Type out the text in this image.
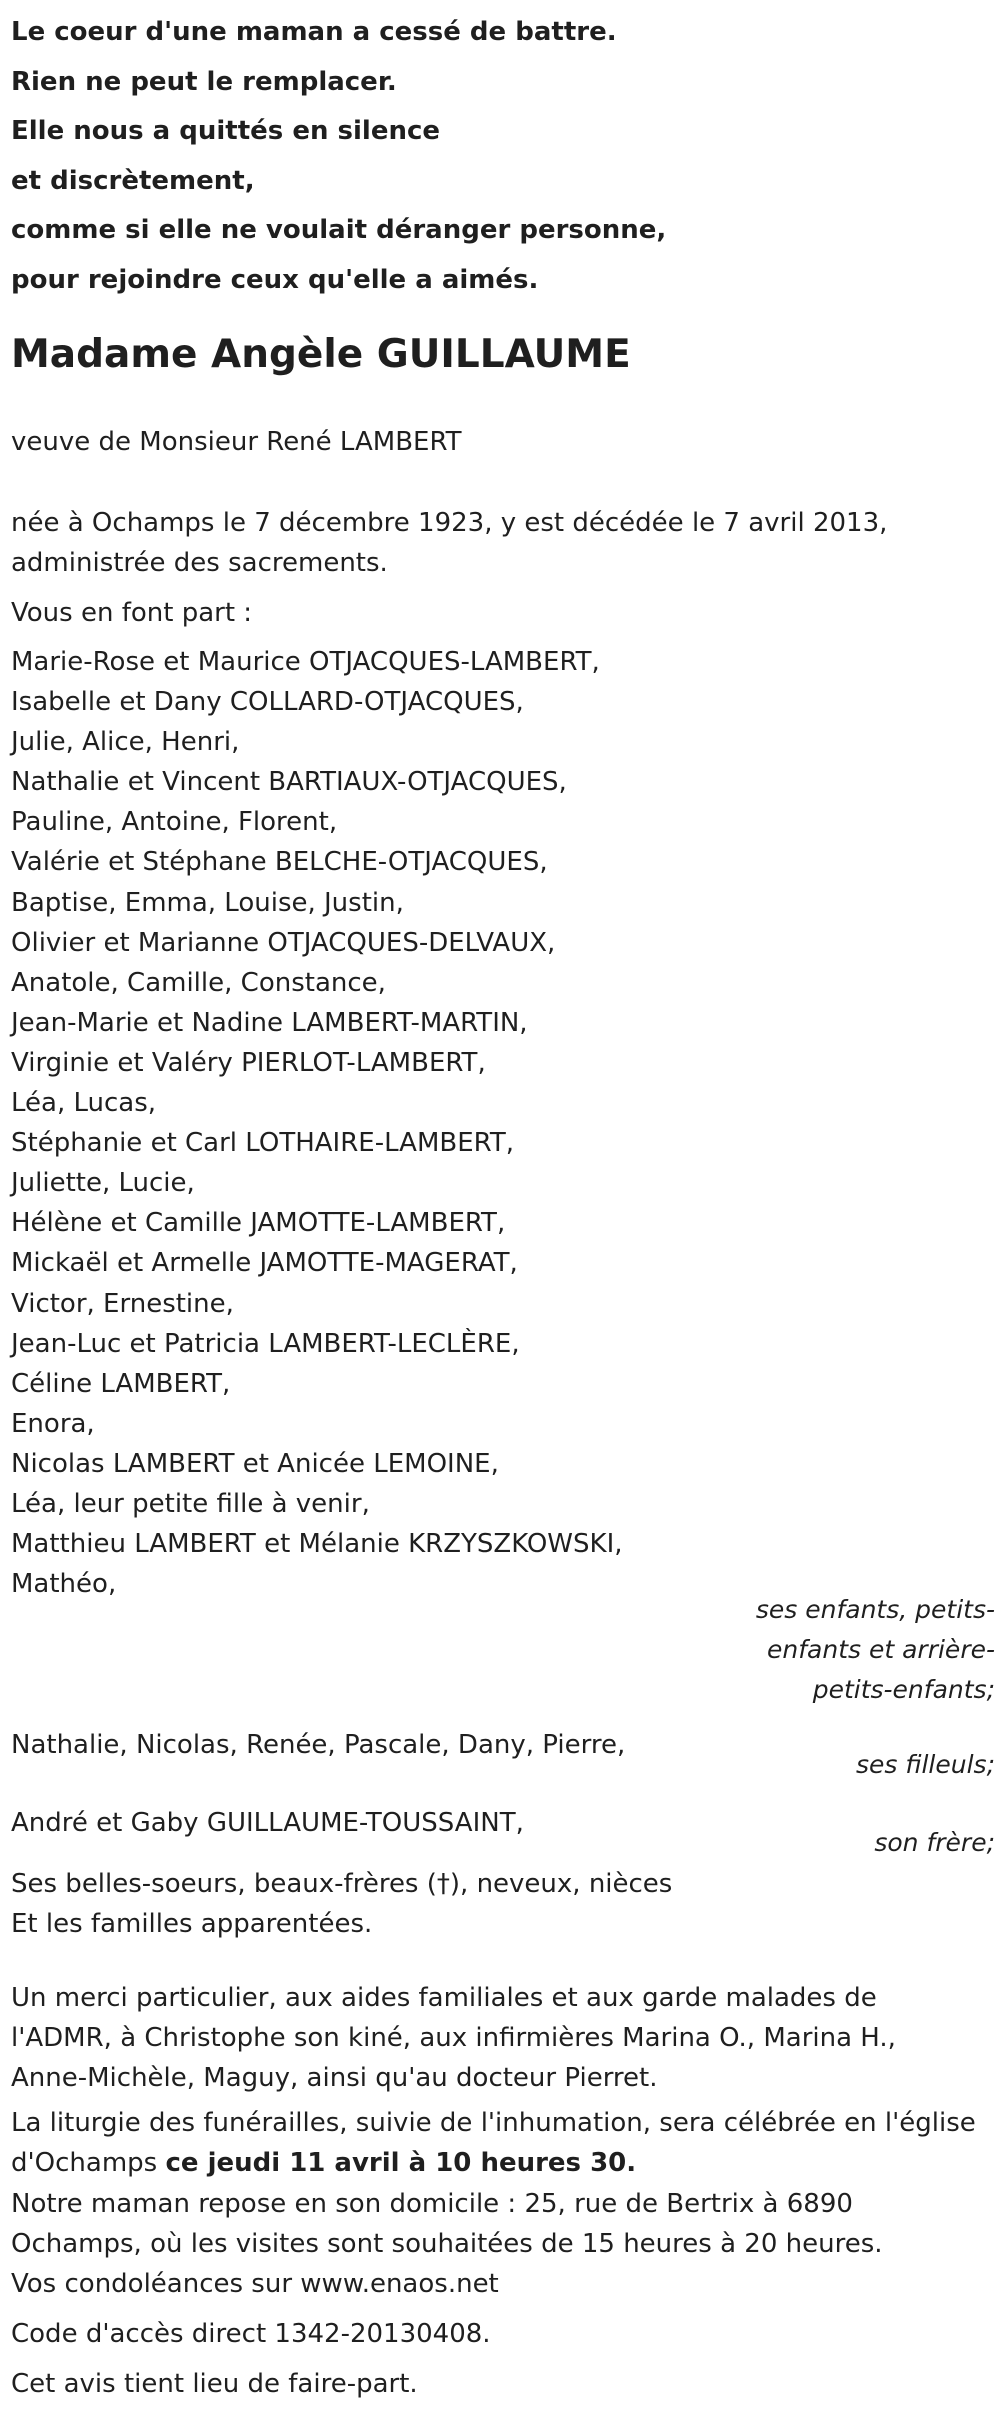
Le coeur d'une maman a cessé de battre.
Rien ne peut le remplacer.
Elle nous a quittés en silence
et discrètement,
comme si elle ne voulait déranger personne,
pour rejoindre ceux qu'elle a aimés.
Madame Angèle GUILLAUME
veuve de Monsieur René LAMBERT
née à Ochamps le 7 décembre 1923, y est décédée le 7 avril 2013,
administrée des sacrements.
Vous en font part :
Marie-Rose et Maurice OTJACQUES-LAMBERT,
Isabelle et Dany COLLARD-OTJACQUES,
Julie, Alice, Henri,
Nathalie et Vincent BARTIAUX-OTJACQUES,
Pauline, Antoine, Florent,
Valérie et Stéphane BELCHE-OTJACQUES,
Baptise, Emma, Louise, Justin,
Olivier et Marianne OTJACQUES-DELVAUX,
Anatole, Camille, Constance,
Jean-Marie et Nadine LAMBERT-MARTIN,
Virginie et Valéry PIERLOT-LAMBERT,
Léa, Lucas,
Stéphanie et Carl LOTHAIRE-LAMBERT,
Juliette, Lucie,
Hélène et Camille JAMOTTE-LAMBERT,
Mickaël et Armelle JAMOTTE-MAGERAT,
Victor, Ernestine,
Jean-Luc et Patricia LAMBERT-LECLÈRE,
Céline LAMBERT,
Enora,
Nicolas LAMBERT et Anicée LEMOINE,
Léa, leur petite fille à venir,
Matthieu LAMBERT et Mélanie KRZYSZKOWSKI,
Mathéo,
ses enfants, petits-enfants et arrière-petits-enfants;
Nathalie, Nicolas, Renée, Pascale, Dany, Pierre,
ses filleuls;
André et Gaby GUILLAUME-TOUSSAINT,
son frère;
Ses belles-soeurs, beaux-frères (†), neveux, nièces
Et les familles apparentées.
Un merci particulier, aux aides familiales et aux garde malades de
l'ADMR, à Christophe son kiné, aux infirmières Marina O., Marina H.,
Anne-Michèle, Maguy, ainsi qu'au docteur Pierret.
La liturgie des funérailles, suivie de l'inhumation, sera célébrée en l'église
d'Ochamps ce jeudi 11 avril à 10 heures 30.
Notre maman repose en son domicile : 25, rue de Bertrix à 6890
Ochamps, où les visites sont souhaitées de 15 heures à 20 heures.
Vos condoléances sur www.enaos.net
Code d'accès direct 1342-20130408.
Cet avis tient lieu de faire-part.
